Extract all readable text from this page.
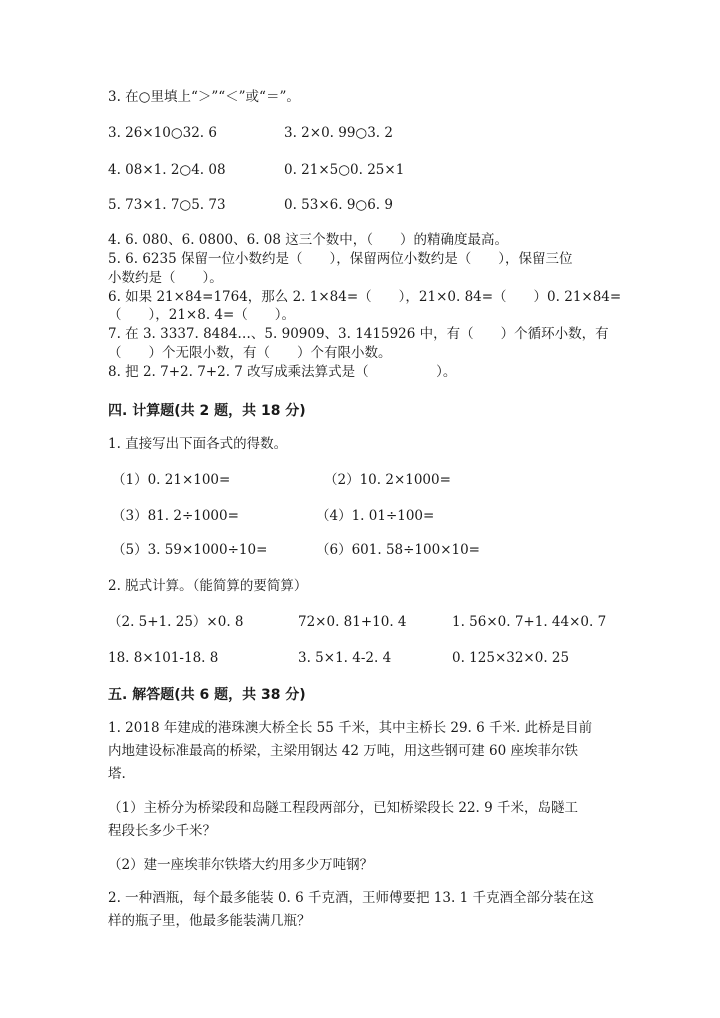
3. 在○里填上“＞”“＜”或“＝”。
3. 26×10○32. 6	3. 2×0. 99○3. 2
4. 08×1. 2○4. 08	0. 21×5○0. 25×1
5. 73×1. 7○5. 73	0. 53×6. 9○6. 9
4. 6. 080、6. 0800、6. 08 这三个数中，（　　）的精确度最高。
5. 6. 6235 保留一位小数约是（　　），保留两位小数约是（　　），保留三位
小数约是（　　）。
6. 如果 21×84=1764，那么 2. 1×84=（　　），21×0. 84=（　　）0. 21×84=
（　　），21×8. 4=（　　）。
7. 在 3. 3337. 8484…、5. 90909、3. 1415926 中，有（　　）个循环小数，有
（　　）个无限小数，有（　　）个有限小数。
8. 把 2. 7+2. 7+2. 7 改写成乘法算式是（　　　　　）。
四. 计算题(共 2 题，共 18 分)
1. 直接写出下面各式的得数。
（1）0. 21×100=	（2）10. 2×1000=
（3）81. 2÷1000=	（4）1. 01÷100=
（5）3. 59×1000÷10=	（6）601. 58÷100×10=
2. 脱式计算。（能简算的要简算）
（2. 5+1. 25）×0. 8	72×0. 81+10. 4	1. 56×0. 7+1. 44×0. 7
18. 8×101-18. 8	3. 5×1. 4-2. 4	0. 125×32×0. 25
五. 解答题(共 6 题，共 38 分)
1. 2018 年建成的港珠澳大桥全长 55 千米，其中主桥长 29. 6 千米. 此桥是目前
内地建设标准最高的桥梁，主梁用钢达 42 万吨，用这些钢可建 60 座埃菲尔铁
塔.
（1）主桥分为桥梁段和岛隧工程段两部分，已知桥梁段长 22. 9 千米，岛隧工
程段长多少千米？
（2）建一座埃菲尔铁塔大约用多少万吨钢？
2. 一种酒瓶，每个最多能装 0. 6 千克酒，王师傅要把 13. 1 千克酒全部分装在这
样的瓶子里，他最多能装满几瓶？
